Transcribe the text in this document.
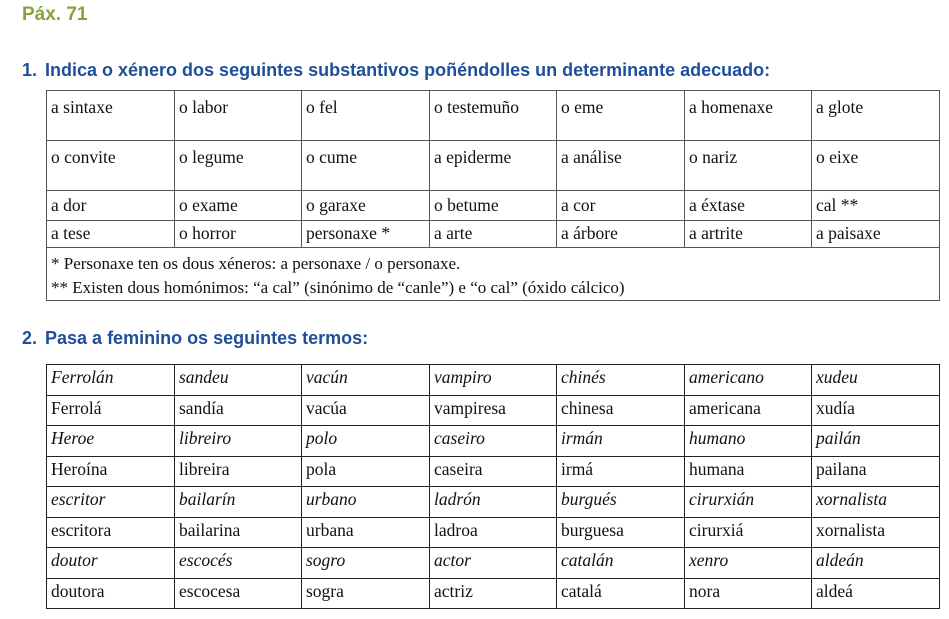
Páx. 71
1. Indica o xénero dos seguintes substantivos poñéndolles un determinante adecuado:
a sintaxe	o labor	o fel	o testemuño	o eme	a homenaxe	a glote
o convite	o legume	o cume	a epiderme	a análise	o nariz	o eixe
a dor	o exame	o garaxe	o betume	a cor	a éxtase	cal **
a tese	o horror	personaxe *	a arte	a árbore	a artrite	a paisaxe

* Personaxe ten os dous xéneros: a personaxe / o personaxe.
** Existen dous homónimos: “a cal” (sinónimo de “canle”) e “o cal” (óxido cálcico)						
2. Pasa a feminino os seguintes termos:
Ferrolán	sandeu	vacún	vampiro	chinés	americano	xudeu
Ferrolá	sandía	vacúa	vampiresa	chinesa	americana	xudía
Heroe	libreiro	polo	caseiro	irmán	humano	pailán
Heroína	libreira	pola	caseira	irmá	humana	pailana
escritor	bailarín	urbano	ladrón	burgués	cirurxián	xornalista
escritora	bailarina	urbana	ladroa	burguesa	cirurxiá	xornalista
doutor	escocés	sogro	actor	catalán	xenro	aldeán
doutora	escocesa	sogra	actriz	catalá	nora	aldeá
